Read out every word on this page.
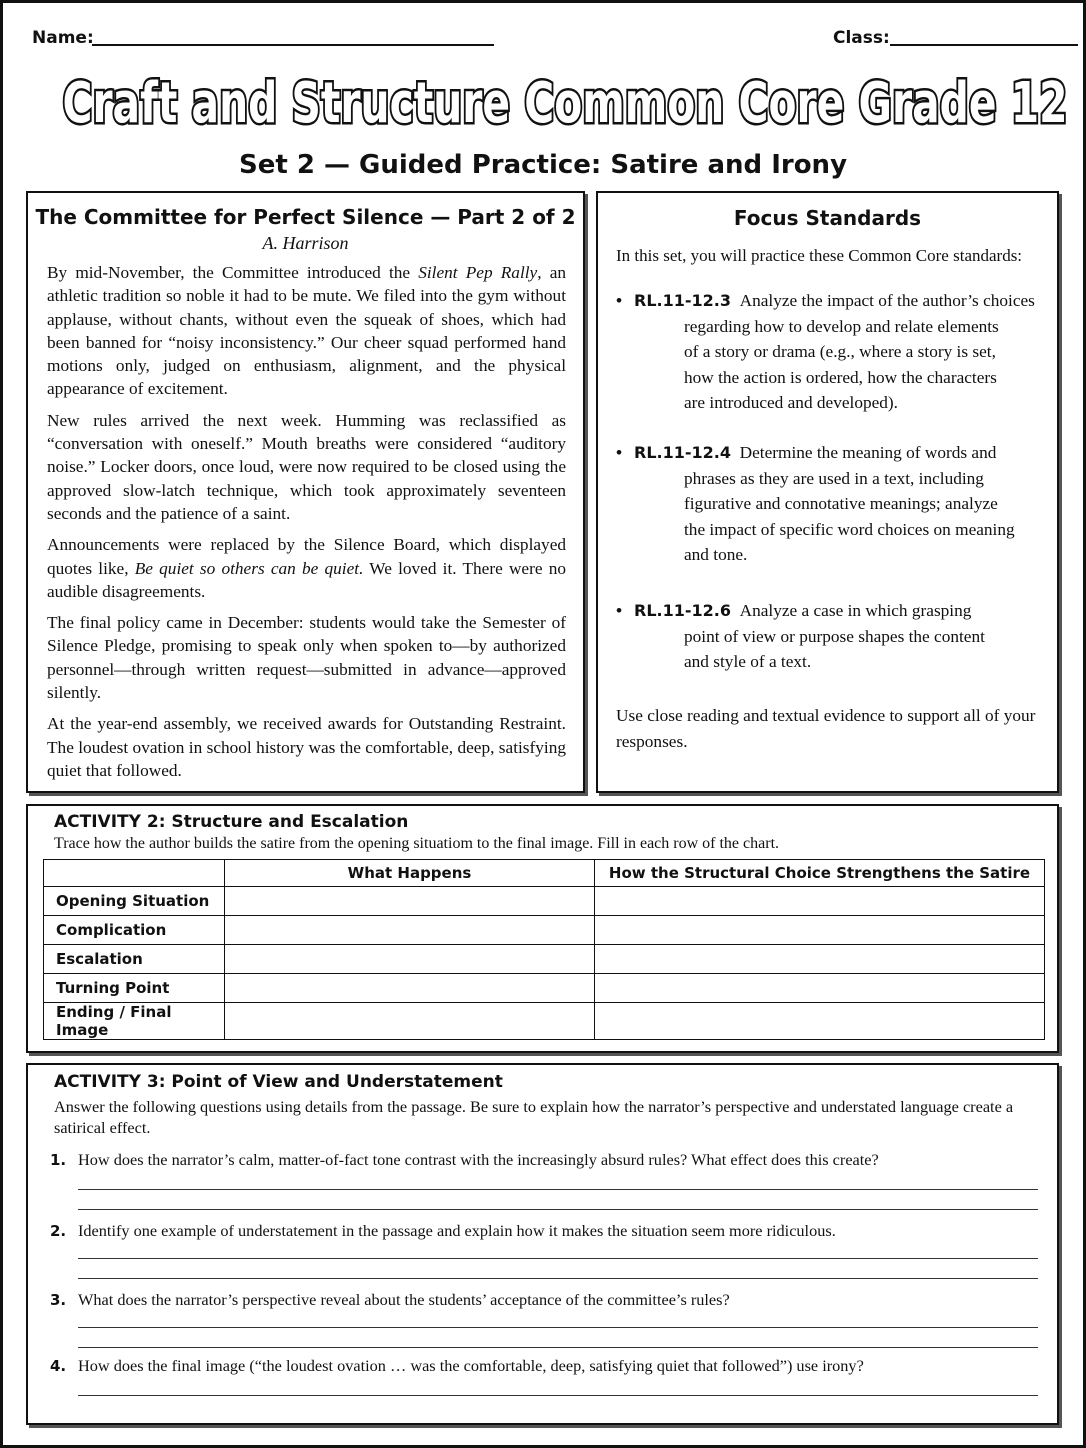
Name:	Class:
Craft and Structure Common Core Grade 12
Set 2 — Guided Practice: Satire and Irony
The Committee for Perfect Silence — Part 2 of 2
A. Harrison

By mid-November, the Committee introduced the Silent Pep Rally, an athletic tradition so noble it had to be mute. We filed into the gym without applause, without chants, without even the squeak of shoes, which had been banned for “noisy inconsistency.” Our cheer squad performed hand motions only, judged on enthusiasm, alignment, and the physical appearance of excitement.

New rules arrived the next week. Humming was reclassified as “conversation with oneself.” Mouth breaths were considered “auditory noise.” Locker doors, once loud, were now required to be closed using the approved slow-latch technique, which took approximately seventeen seconds and the patience of a saint.

Announcements were replaced by the Silence Board, which displayed quotes like, Be quiet so others can be quiet. We loved it. There were no audible disagreements.

The final policy came in December: students would take the Semester of Silence Pledge, promising to speak only when spoken to—by authorized personnel—through written request—submitted in advance—approved silently.

At the year-end assembly, we received awards for Outstanding Restraint. The loudest ovation in school history was the comfortable, deep, satisfying quiet that followed.

Focus Standards
In this set, you will practice these Common Core standards:
• RL.11-12.3 Analyze the impact of the author’s choices
regarding how to develop and relate elements
of a story or drama (e.g., where a story is set,
how the action is ordered, how the characters
are introduced and developed).
• RL.11-12.4 Determine the meaning of words and
phrases as they are used in a text, including
figurative and connotative meanings; analyze
the impact of specific word choices on meaning
and tone.
• RL.11-12.6 Analyze a case in which grasping
point of view or purpose shapes the content
and style of a text.
Use close reading and textual evidence to support all of your responses.
ACTIVITY 2: Structure and Escalation
Trace how the author builds the satire from the opening situatiom to the final image. Fill in each row of the chart.
	What Happens	How the Structural Choice Strengthens the Satire
Opening Situation		
Complication		
Escalation		
Turning Point		
Ending / Final Image		
ACTIVITY 3: Point of View and Understatement
Answer the following questions using details from the passage. Be sure to explain how the narrator’s perspective and understated language create a satirical effect.
1. How does the narrator’s calm, matter-of-fact tone contrast with the increasingly absurd rules? What effect does this create?
2. Identify one example of understatement in the passage and explain how it makes the situation seem more ridiculous.
3. What does the narrator’s perspective reveal about the students’ acceptance of the committee’s rules?
4. How does the final image (“the loudest ovation … was the comfortable, deep, satisfying quiet that followed”) use irony?
